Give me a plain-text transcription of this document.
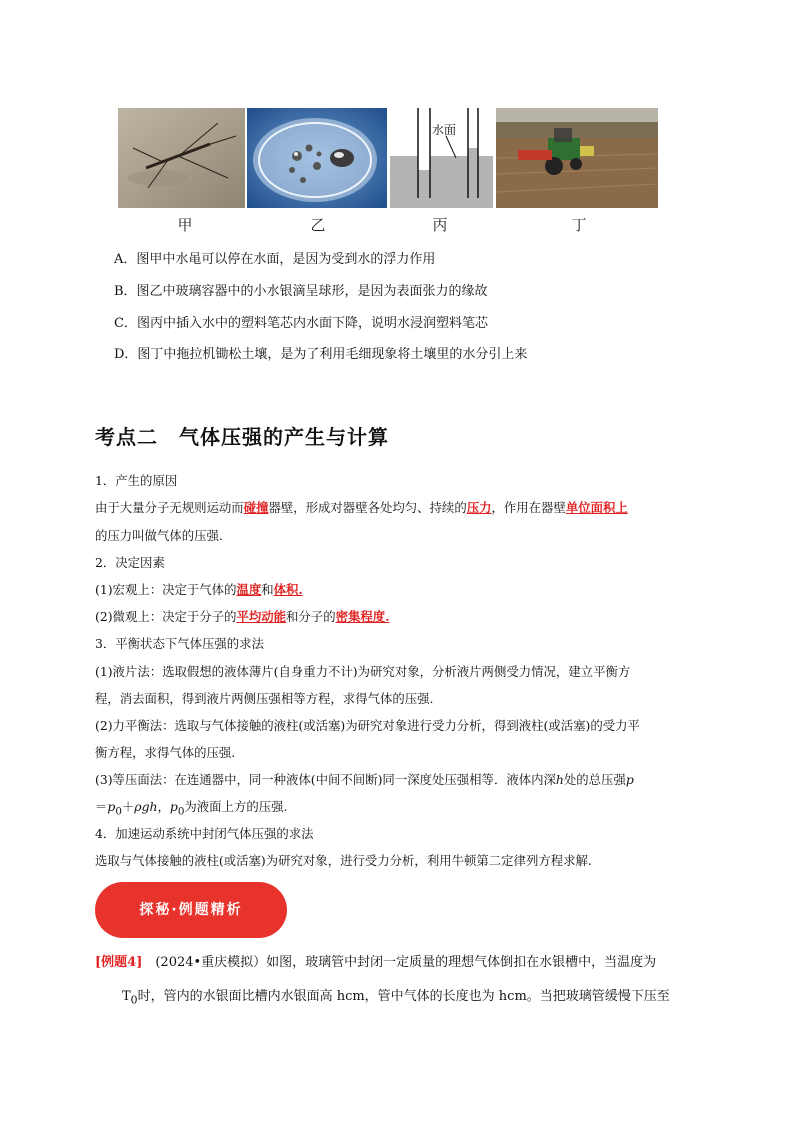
水面
甲	乙	丙	丁
A．图甲中水黾可以停在水面，是因为受到水的浮力作用
B．图乙中玻璃容器中的小水银滴呈球形，是因为表面张力的缘故
C．图丙中插入水中的塑料笔芯内水面下降，说明水浸润塑料笔芯
D．图丁中拖拉机锄松土壤，是为了利用毛细现象将土壤里的水分引上来
考点二　气体压强的产生与计算
1．产生的原因
由于大量分子无规则运动而碰撞器壁，形成对器壁各处均匀、持续的压力，作用在器壁单位面积上
的压力叫做气体的压强.
2．决定因素
(1)宏观上：决定于气体的温度和体积.
(2)微观上：决定于分子的平均动能和分子的密集程度.
3．平衡状态下气体压强的求法
(1)液片法：选取假想的液体薄片(自身重力不计)为研究对象，分析液片两侧受力情况，建立平衡方
程，消去面积，得到液片两侧压强相等方程，求得气体的压强.
(2)力平衡法：选取与气体接触的液柱(或活塞)为研究对象进行受力分析，得到液柱(或活塞)的受力平
衡方程，求得气体的压强.
(3)等压面法：在连通器中，同一种液体(中间不间断)同一深度处压强相等．液体内深h处的总压强p
$=p_0+\rho gh$，$p_0$为液面上方的压强.
4．加速运动系统中封闭气体压强的求法
选取与气体接触的液柱(或活塞)为研究对象，进行受力分析，利用牛顿第二定律列方程求解.
探秘·例题精析
[例题4]　(2024•重庆模拟）如图，玻璃管中封闭一定质量的理想气体倒扣在水银槽中，当温度为
$T_0$时，管内的水银面比槽内水银面高 hcm，管中气体的长度也为 hcm。当把玻璃管缓慢下压至
